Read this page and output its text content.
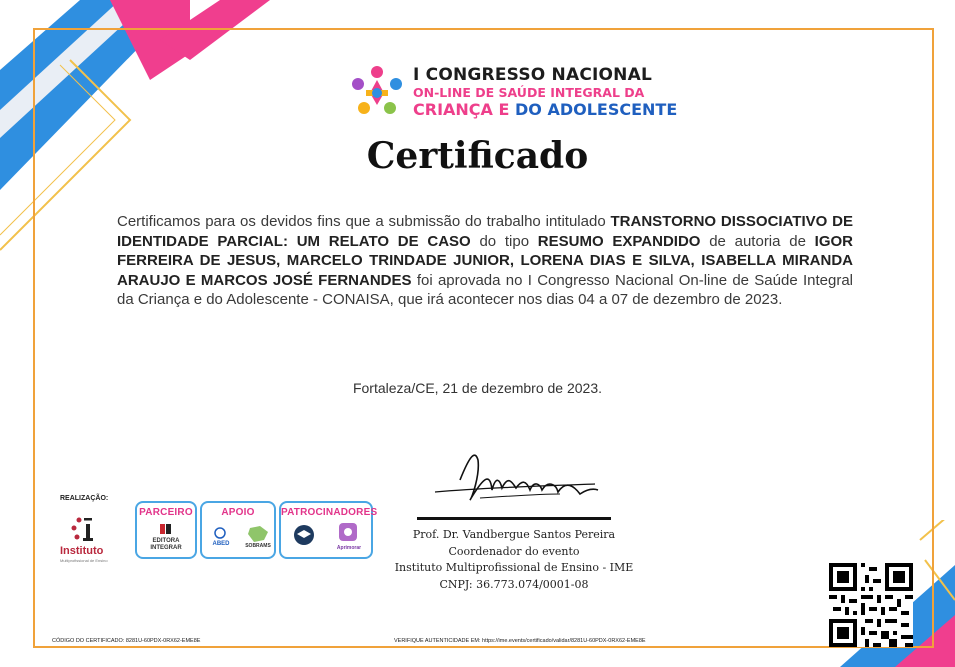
I CONGRESSO NACIONAL
ON-LINE DE SAÚDE INTEGRAL DA
CRIANÇA E DO ADOLESCENTE
Certificado
Certificamos para os devidos fins que a submissão do trabalho intitulado TRANSTORNO DISSOCIATIVO DE IDENTIDADE PARCIAL: UM RELATO DE CASO do tipo RESUMO EXPANDIDO de autoria de IGOR FERREIRA DE JESUS, MARCELO TRINDADE JUNIOR, LORENA DIAS E SILVA, ISABELLA MIRANDA ARAUJO E MARCOS JOSÉ FERNANDES foi aprovada no I Congresso Nacional On-line de Saúde Integral da Criança e do Adolescente - CONAISA, que irá acontecer nos dias 04 a 07 de dezembro de 2023.
Fortaleza/CE, 21 de dezembro de 2023.
Prof. Dr. Vandbergue Santos Pereira
Coordenador do evento
Instituto Multiprofissional de Ensino - IME
CNPJ: 36.773.074/0001-08
REALIZAÇÃO:
Instituto
Multiprofissional de Ensino
PARCEIRO
EDITORA INTEGRAR
APOIO
ABED	SOBRAMS
PATROCINADORES
Aprimorar
CÓDIGO DO CERTIFICADO: 8281U-60PDX-0RX62-EME8E	VERIFIQUE AUTENTICIDADE EM: https://ime.events/certificado/validar/8281U-60PDX-0RX62-EME8E
